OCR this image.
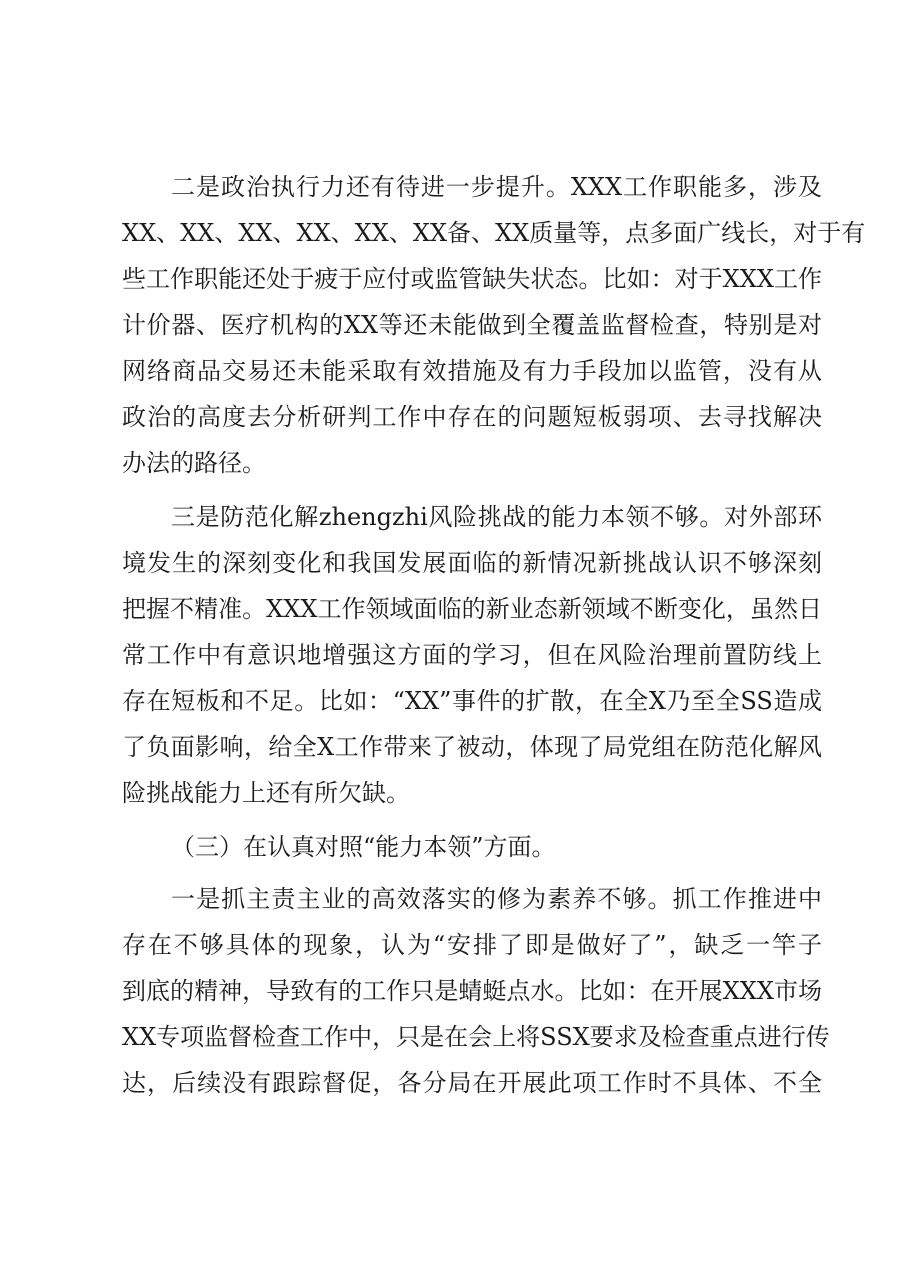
二是政治执行力还有待进一步提升。XXX工作职能多，涉及
XX、XX、XX、XX、XX、XX备、XX质量等，点多面广线长，对于有
些工作职能还处于疲于应付或监管缺失状态。比如：对于XXX工作
计价器、医疗机构的XX等还未能做到全覆盖监督检查，特别是对
网络商品交易还未能采取有效措施及有力手段加以监管，没有从
政治的高度去分析研判工作中存在的问题短板弱项、去寻找解决
办法的路径。
三是防范化解zhengzhi风险挑战的能力本领不够。对外部环
境发生的深刻变化和我国发展面临的新情况新挑战认识不够深刻
把握不精准。XXX工作领域面临的新业态新领域不断变化，虽然日
常工作中有意识地增强这方面的学习，但在风险治理前置防线上
存在短板和不足。比如：“XX”事件的扩散，在全X乃至全SS造成
了负面影响，给全X工作带来了被动，体现了局党组在防范化解风
险挑战能力上还有所欠缺。
（三）在认真对照“能力本领”方面。
一是抓主责主业的高效落实的修为素养不够。抓工作推进中
存在不够具体的现象，认为“安排了即是做好了”，缺乏一竿子
到底的精神，导致有的工作只是蜻蜓点水。比如：在开展XXX市场
XX专项监督检查工作中，只是在会上将SSX要求及检查重点进行传
达，后续没有跟踪督促，各分局在开展此项工作时不具体、不全
